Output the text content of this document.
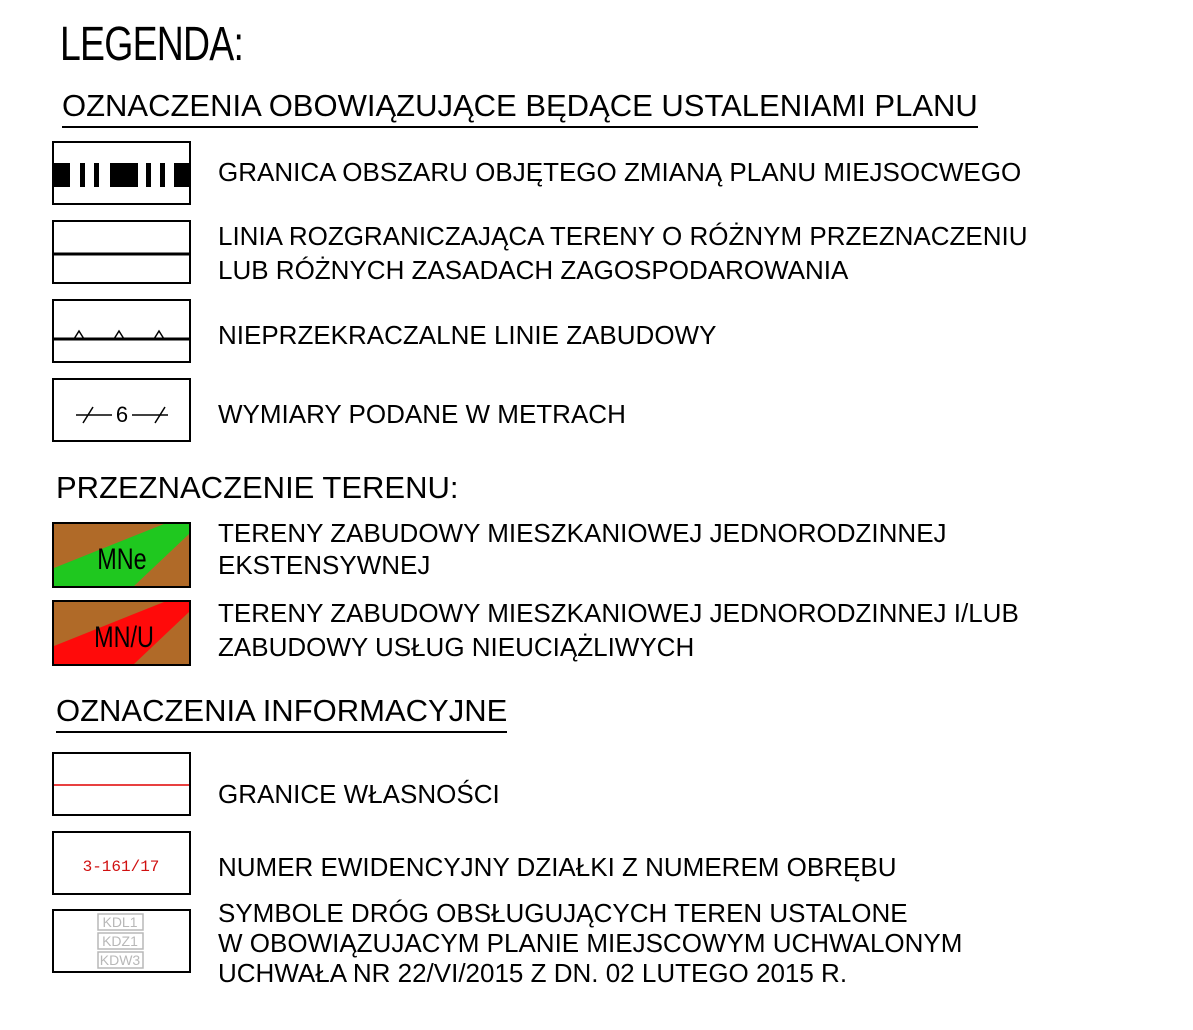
LEGENDA:
OZNACZENIA OBOWIĄZUJĄCE BĘDĄCE USTALENIAMI PLANU
GRANICA OBSZARU OBJĘTEGO ZMIANĄ PLANU MIEJSOCWEGO
LINIA ROZGRANICZAJĄCA TERENY O RÓŻNYM PRZEZNACZENIU
LUB RÓŻNYCH ZASADACH ZAGOSPODAROWANIA
NIEPRZEKRACZALNE LINIE ZABUDOWY
6	WYMIARY PODANE W METRACH
PRZEZNACZENIE TERENU:
MNe
TERENY ZABUDOWY MIESZKANIOWEJ JEDNORODZINNEJ
EKSTENSYWNEJ
MN/U
TERENY ZABUDOWY MIESZKANIOWEJ JEDNORODZINNEJ I/LUB
ZABUDOWY USŁUG NIEUCIĄŻLIWYCH
OZNACZENIA INFORMACYJNE
GRANICE WŁASNOŚCI
3-161/17 NUMER EWIDENCYJNY DZIAŁKI Z NUMEREM OBRĘBU
KDL1
KDZ1
KDW3
SYMBOLE DRÓG OBSŁUGUJĄCYCH TEREN USTALONE
W OBOWIĄZUJACYM PLANIE MIEJSCOWYM UCHWALONYM
UCHWAŁA NR 22/VI/2015 Z DN. 02 LUTEGO 2015 R.
